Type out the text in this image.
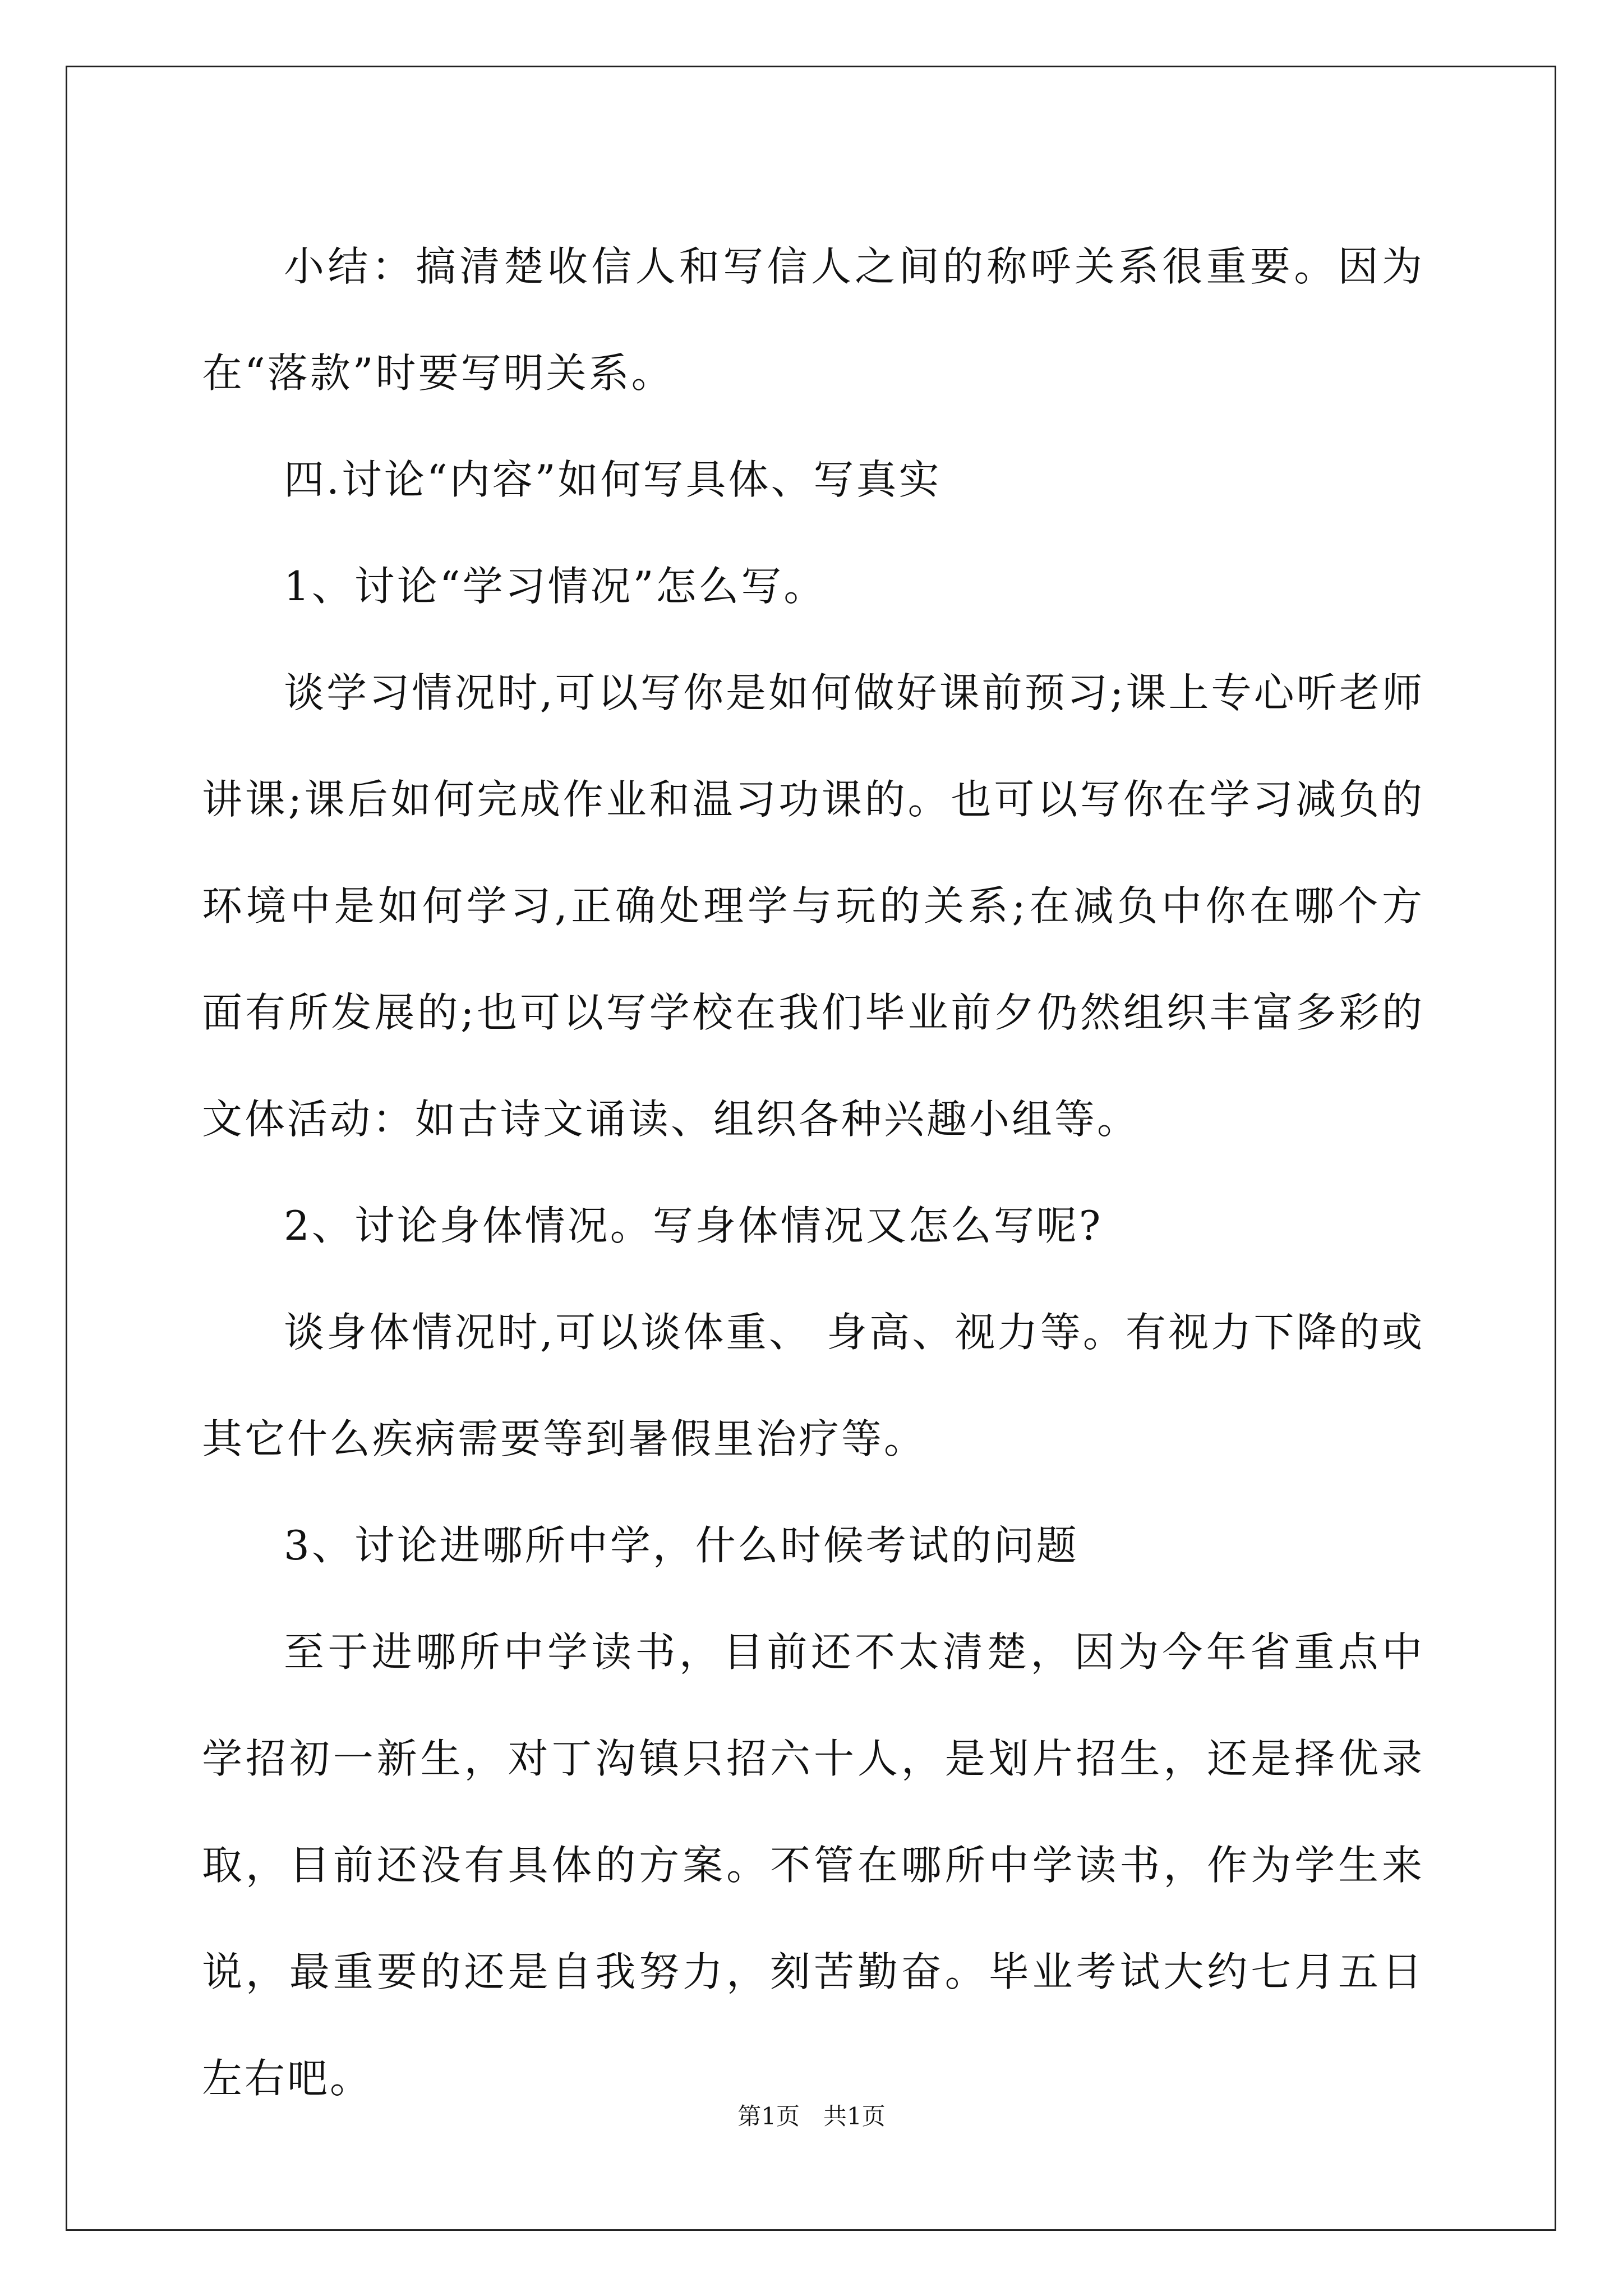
小结：搞清楚收信人和写信人之间的称呼关系很重要。因为在“落款”时要写明关系。

四.讨论“内容”如何写具体、写真实

1、讨论“学习情况”怎么写。

谈学习情况时,可以写你是如何做好课前预习;课上专心听老师讲课;课后如何完成作业和温习功课的。也可以写你在学习减负的环境中是如何学习,正确处理学与玩的关系;在减负中你在哪个方面有所发展的;也可以写学校在我们毕业前夕仍然组织丰富多彩的文体活动：如古诗文诵读、组织各种兴趣小组等。

2、讨论身体情况。写身体情况又怎么写呢?

谈身体情况时,可以谈体重、 身高、视力等。有视力下降的或其它什么疾病需要等到暑假里治疗等。

3、讨论进哪所中学，什么时候考试的问题

至于进哪所中学读书，目前还不太清楚，因为今年省重点中学招初一新生，对丁沟镇只招六十人，是划片招生，还是择优录取，目前还没有具体的方案。不管在哪所中学读书，作为学生来说，最重要的还是自我努力，刻苦勤奋。毕业考试大约七月五日左右吧。

第1页　共1页
